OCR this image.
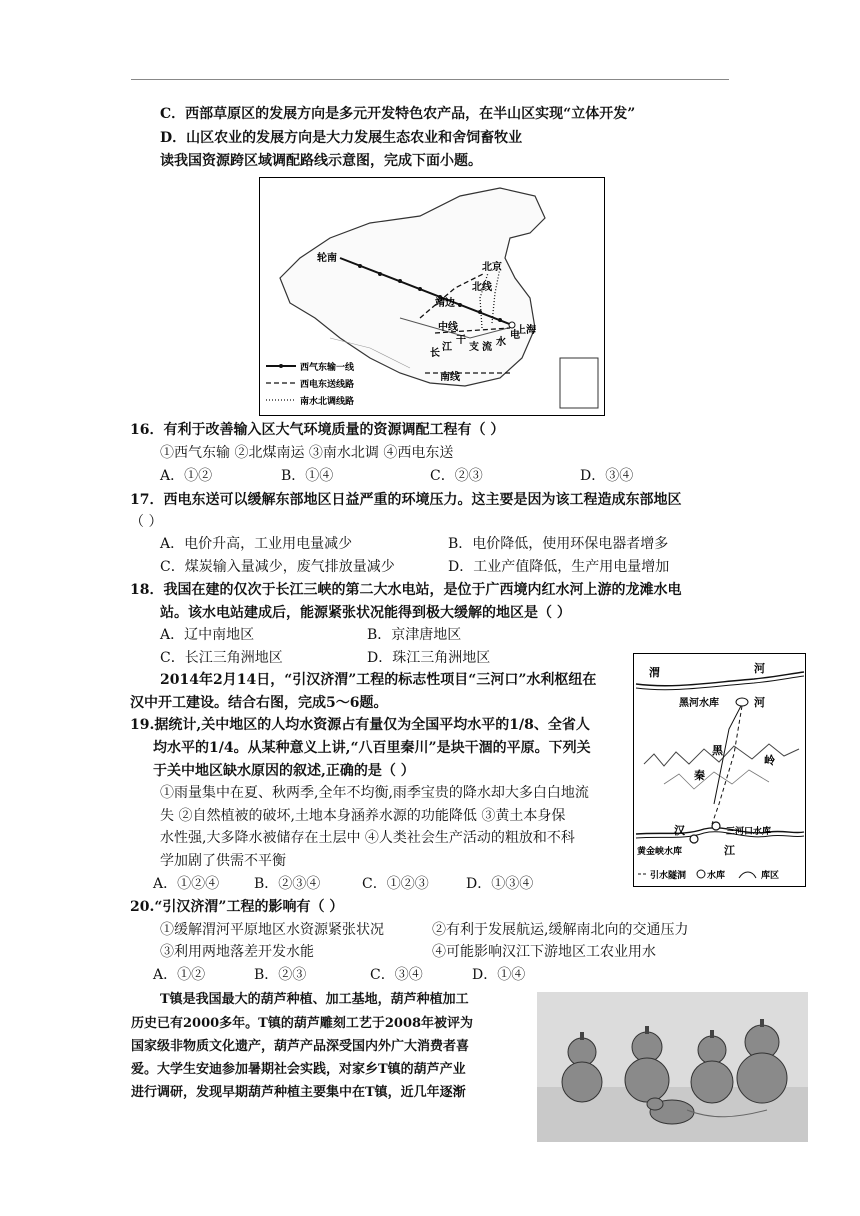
C．西部草原区的发展方向是多元开发特色农产品，在半山区实现“立体开发”
D．山区农业的发展方向是大力发展生态农业和舍饲畜牧业
读我国资源跨区域调配路线示意图，完成下面小题。
轮南
北京
靖边
上海
北线
中线
南线
长
江
干
支 流 水
电
西气东输一线
西电东送线路
南水北调线路
16．有利于改善输入区大气环境质量的资源调配工程有（ ）
①西气东输 ②北煤南运 ③南水北调 ④西电东送
A．①②	B．①④	C．②③	D．③④
17．西电东送可以缓解东部地区日益严重的环境压力。这主要是因为该工程造成东部地区
（ ）
A．电价升高，工业用电量减少	B．电价降低，使用环保电器者增多
C．煤炭输入量减少，废气排放量减少	D．工业产值降低，生产用电量增加
18．我国在建的仅次于长江三峡的第二大水电站，是位于广西境内红水河上游的龙滩水电
站。该水电站建成后，能源紧张状况能得到极大缓解的地区是（ ）
A．辽中南地区	B．京津唐地区
C．长江三角洲地区	D．珠江三角洲地区
2014年2月14日，“引汉济渭”工程的标志性项目“三河口”水利枢纽在
汉中开工建设。结合右图，完成5～6题。
渭	河
黑河水库	河
黑
秦
岭
汉	三河口水库
黄金峡水库	江
引水隧洞 水库	库区
19.据统计,关中地区的人均水资源占有量仅为全国平均水平的1/8、全省人
均水平的1/4。从某种意义上讲,“八百里秦川”是块干涸的平原。下列关
于关中地区缺水原因的叙述,正确的是（ ）
①雨量集中在夏、秋两季,全年不均衡,雨季宝贵的降水却大多白白地流
失 ②自然植被的破坏,土地本身涵养水源的功能降低 ③黄土本身保
水性强,大多降水被储存在土层中 ④人类社会生产活动的粗放和不科
学加剧了供需不平衡
A．①②④ B．②③④	C．①②③	D．①③④
20.“引汉济渭”工程的影响有（ ）
①缓解渭河平原地区水资源紧张状况	②有利于发展航运,缓解南北向的交通压力
③利用两地落差开发水能	④可能影响汉江下游地区工农业用水
A．①②	B．②③	C．③④	D．①④
T镇是我国最大的葫芦种植、加工基地，葫芦种植加工
历史已有2000多年。T镇的葫芦雕刻工艺于2008年被评为
国家级非物质文化遗产，葫芦产品深受国内外广大消费者喜
爱。大学生安迪参加暑期社会实践，对家乡T镇的葫芦产业
进行调研，发现早期葫芦种植主要集中在T镇，近几年逐渐
